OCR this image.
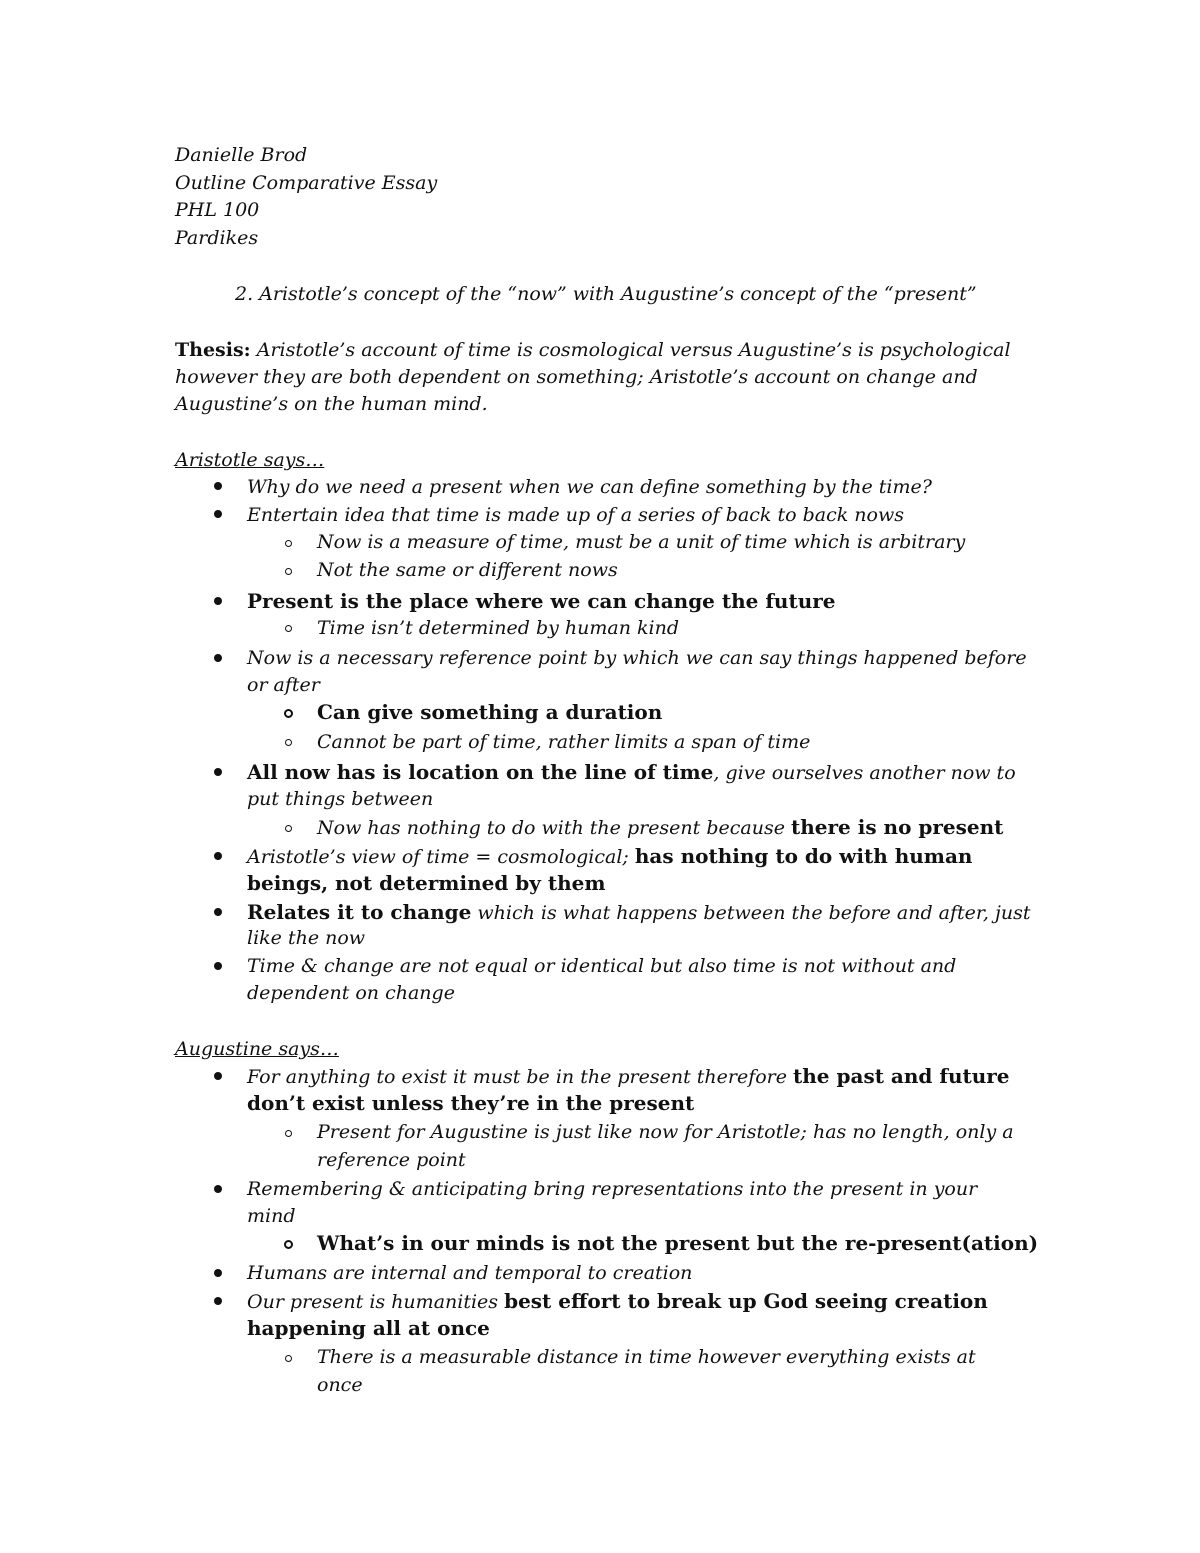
Danielle Brod
Outline Comparative Essay
PHL 100
Pardikes
2. Aristotle’s concept of the “now” with Augustine’s concept of the “present”
Thesis: Aristotle’s account of time is cosmological versus Augustine’s is psychological
however they are both dependent on something; Aristotle’s account on change and
Augustine’s on the human mind.
Aristotle says…
Why do we need a present when we can define something by the time?
Entertain idea that time is made up of a series of back to back nows
Now is a measure of time, must be a unit of time which is arbitrary
Not the same or different nows
Present is the place where we can change the future
Time isn’t determined by human kind
Now is a necessary reference point by which we can say things happened before
or after
Can give something a duration
Cannot be part of time, rather limits a span of time
All now has is location on the line of time, give ourselves another now to
put things between
Now has nothing to do with the present because there is no present
Aristotle’s view of time = cosmological; has nothing to do with human
beings, not determined by them
Relates it to change which is what happens between the before and after, just
like the now
Time & change are not equal or identical but also time is not without and
dependent on change
Augustine says…
For anything to exist it must be in the present therefore the past and future
don’t exist unless they’re in the present
Present for Augustine is just like now for Aristotle; has no length, only a
reference point
Remembering & anticipating bring representations into the present in your
mind
What’s in our minds is not the present but the re-present(ation)
Humans are internal and temporal to creation
Our present is humanities best effort to break up God seeing creation
happening all at once
There is a measurable distance in time however everything exists at
once
